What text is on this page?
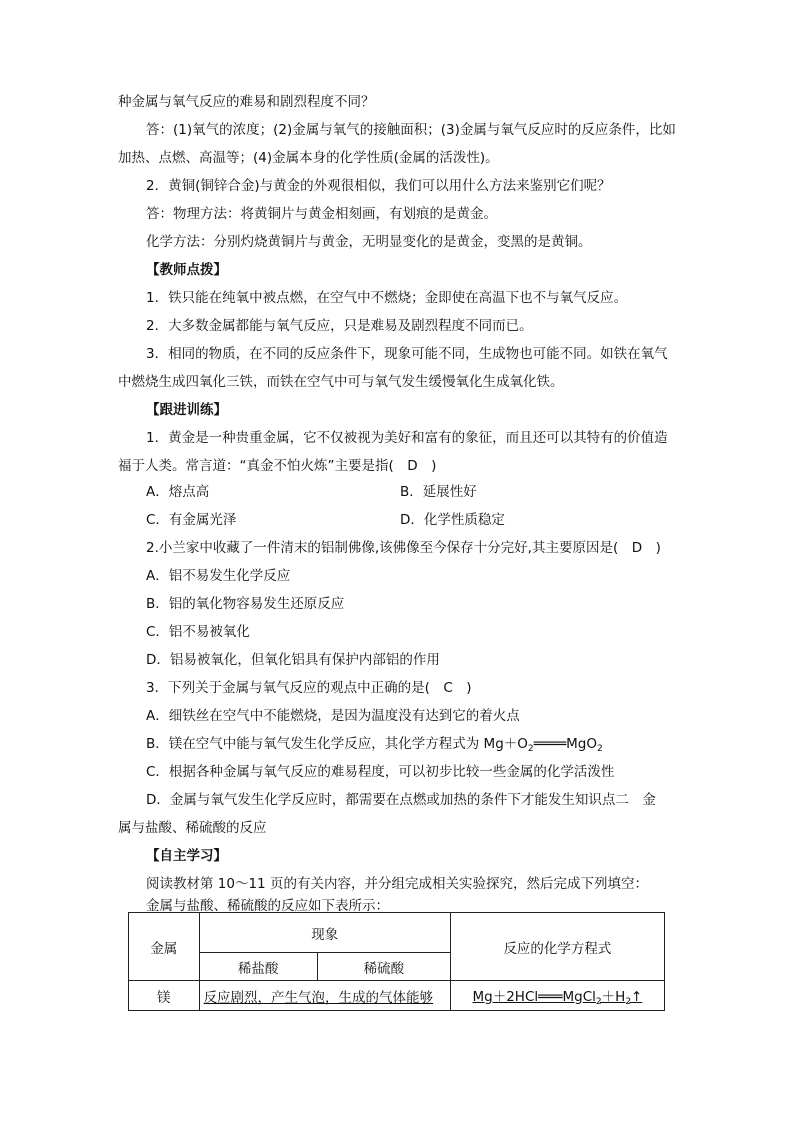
种金属与氧气反应的难易和剧烈程度不同？
答：(1)氧气的浓度；(2)金属与氧气的接触面积；(3)金属与氧气反应时的反应条件，比如
加热、点燃、高温等；(4)金属本身的化学性质(金属的活泼性)。
2．黄铜(铜锌合金)与黄金的外观很相似，我们可以用什么方法来鉴别它们呢？
答：物理方法：将黄铜片与黄金相刻画，有划痕的是黄金。
化学方法：分别灼烧黄铜片与黄金，无明显变化的是黄金，变黑的是黄铜。
【教师点拨】
1．铁只能在纯氧中被点燃，在空气中不燃烧；金即使在高温下也不与氧气反应。
2．大多数金属都能与氧气反应，只是难易及剧烈程度不同而已。
3．相同的物质，在不同的反应条件下，现象可能不同，生成物也可能不同。如铁在氧气
中燃烧生成四氧化三铁，而铁在空气中可与氧气发生缓慢氧化生成氧化铁。
【跟进训练】
1．黄金是一种贵重金属，它不仅被视为美好和富有的象征，而且还可以其特有的价值造
福于人类。常言道：“真金不怕火炼”主要是指(　D　)
A．熔点高	B．延展性好
C．有金属光泽	D．化学性质稳定
2.小兰家中收藏了一件清末的铝制佛像,该佛像至今保存十分完好,其主要原因是(　D　)
A．铝不易发生化学反应
B．铝的氧化物容易发生还原反应
C．铝不易被氧化
D．铝易被氧化，但氧化铝具有保护内部铝的作用
3．下列关于金属与氧气反应的观点中正确的是(　C　)
A．细铁丝在空气中不能燃烧，是因为温度没有达到它的着火点
B．镁在空气中能与氧气发生化学反应，其化学方程式为 $Mg+O_2════MgO_2$
C．根据各种金属与氧气反应的难易程度，可以初步比较一些金属的化学活泼性
D．金属与氧气发生化学反应时，都需要在点燃或加热的条件下才能发生知识点二　金
属与盐酸、稀硫酸的反应
【自主学习】
阅读教材第 10～11 页的有关内容，并分组完成相关实验探究，然后完成下列填空：
金属与盐酸、稀硫酸的反应如下表所示：
金属	现象		反应的化学方程式
	稀盐酸	稀硫酸	
镁	反应剧烈，产生气泡，生成的气体能够		$Mg+2HCl═══MgCl_2+H_2↑$
